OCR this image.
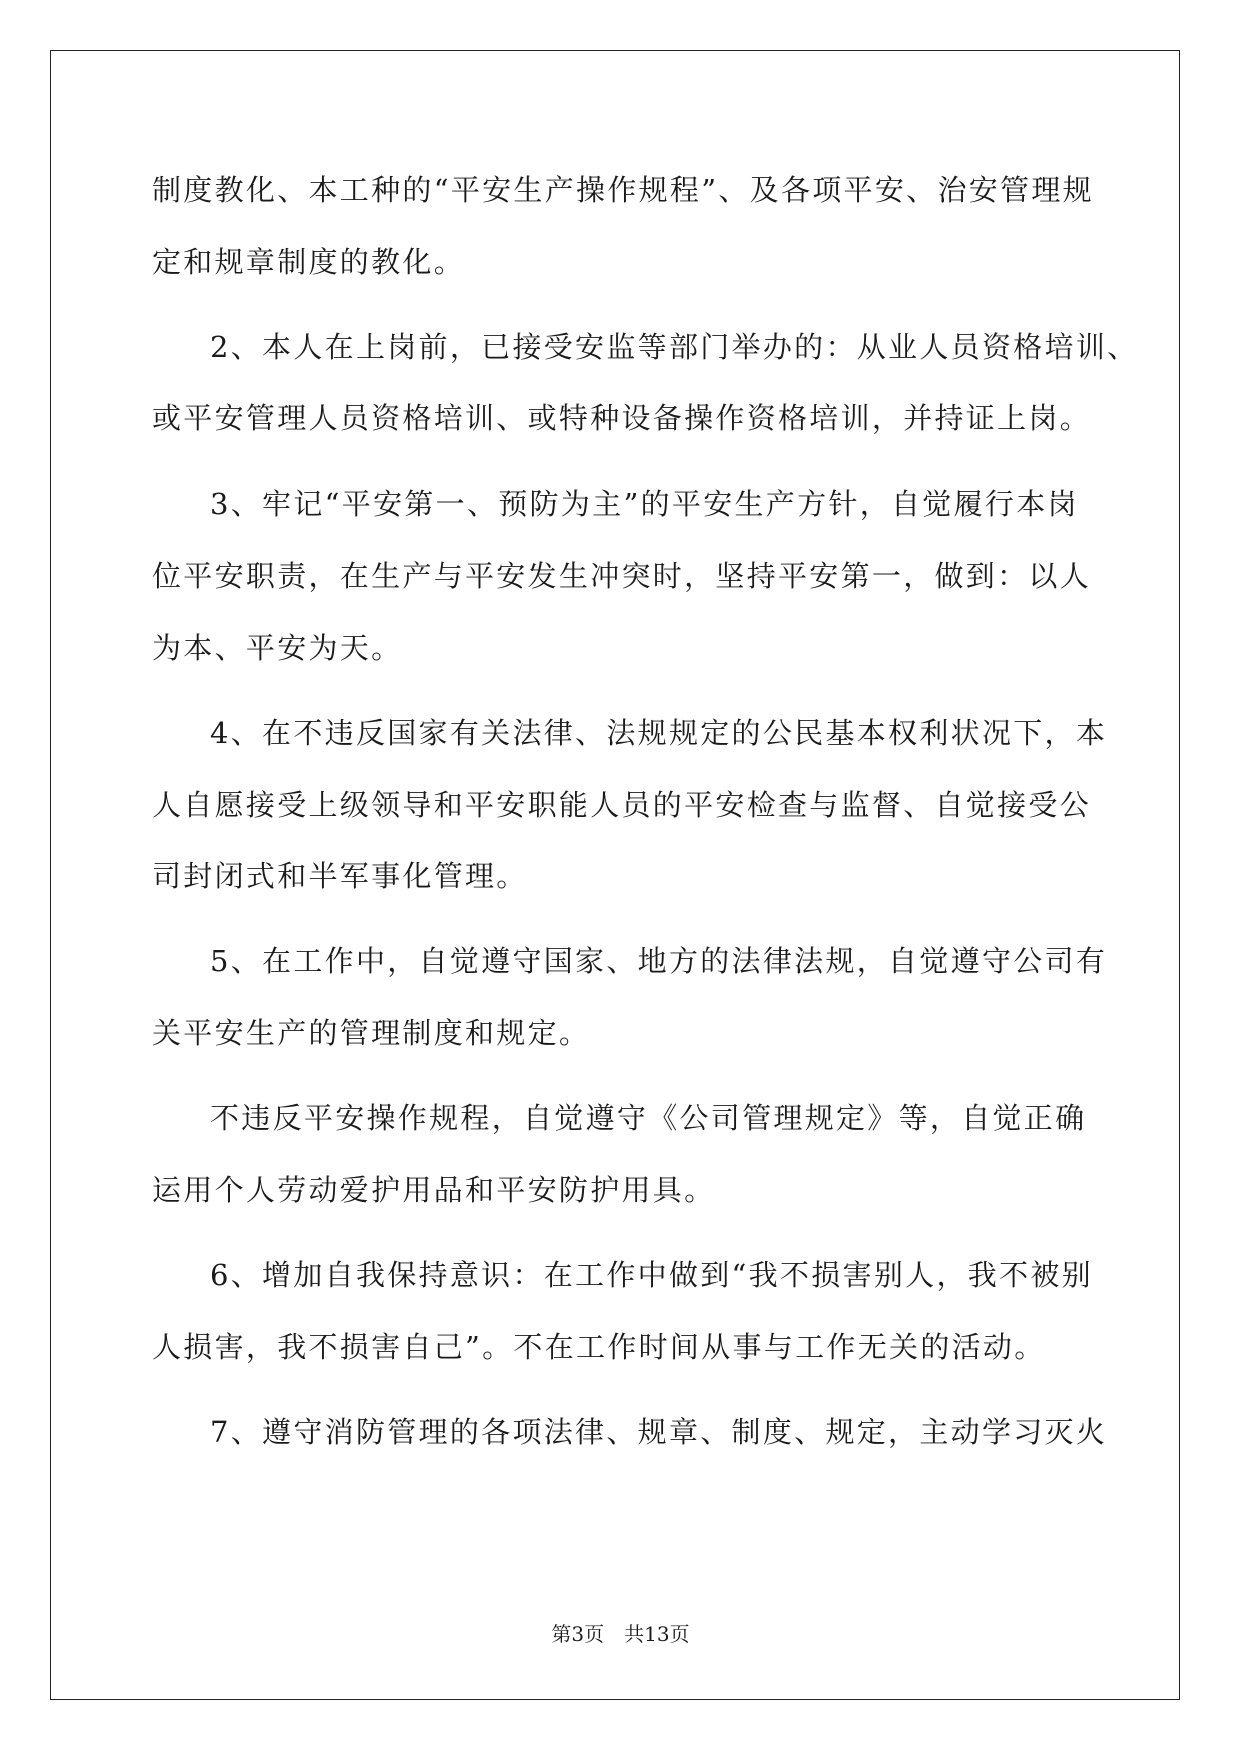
制度教化、本工种的“平安生产操作规程”、及各项平安、治安管理规
定和规章制度的教化。
2、本人在上岗前，已接受安监等部门举办的：从业人员资格培训、
或平安管理人员资格培训、或特种设备操作资格培训，并持证上岗。
3、牢记“平安第一、预防为主”的平安生产方针，自觉履行本岗
位平安职责，在生产与平安发生冲突时，坚持平安第一，做到：以人
为本、平安为天。
4、在不违反国家有关法律、法规规定的公民基本权利状况下，本
人自愿接受上级领导和平安职能人员的平安检查与监督、自觉接受公
司封闭式和半军事化管理。
5、在工作中，自觉遵守国家、地方的法律法规，自觉遵守公司有
关平安生产的管理制度和规定。
不违反平安操作规程，自觉遵守《公司管理规定》等，自觉正确
运用个人劳动爱护用品和平安防护用具。
6、增加自我保持意识：在工作中做到“我不损害别人，我不被别
人损害，我不损害自己”。不在工作时间从事与工作无关的活动。
7、遵守消防管理的各项法律、规章、制度、规定，主动学习灭火
第3页　共13页
